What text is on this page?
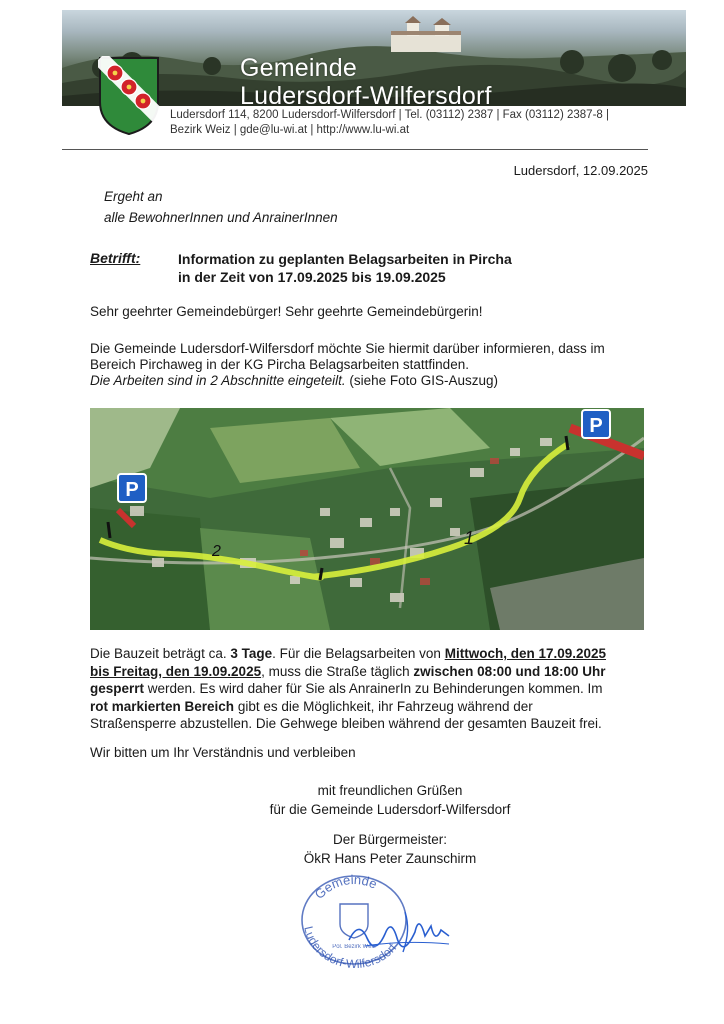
Gemeinde
Ludersdorf-Wilfersdorf
Ludersdorf 114, 8200 Ludersdorf-Wilfersdorf | Tel. (03112) 2387 | Fax (03112) 2387-8 |
Bezirk Weiz | gde@lu-wi.at | http://www.lu-wi.at
Ludersdorf, 12.09.2025
Ergeht an
alle BewohnerInnen und AnrainerInnen
Betrifft:	Information zu geplanten Belagsarbeiten in Pircha
in der Zeit von 17.09.2025 bis 19.09.2025
Sehr geehrter Gemeindebürger! Sehr geehrte Gemeindebürgerin!
Die Gemeinde Ludersdorf-Wilfersdorf möchte Sie hiermit darüber informieren, dass im
Bereich Pirchaweg in der KG Pircha Belagsarbeiten stattfinden.
Die Arbeiten sind in 2 Abschnitte eingeteilt. (siehe Foto GIS-Auszug)
2
1
P
P
Die Bauzeit beträgt ca. 3 Tage. Für die Belagsarbeiten von Mittwoch, den 17.09.2025
bis Freitag, den 19.09.2025, muss die Straße täglich zwischen 08:00 und 18:00 Uhr
gesperrt werden. Es wird daher für Sie als AnrainerIn zu Behinderungen kommen. Im
rot markierten Bereich gibt es die Möglichkeit, ihr Fahrzeug während der
Straßensperre abzustellen. Die Gehwege bleiben während der gesamten Bauzeit frei.
Wir bitten um Ihr Verständnis und verbleiben
mit freundlichen Grüßen
für die Gemeinde Ludersdorf-Wilfersdorf
Der Bürgermeister:
ÖkR Hans Peter Zaunschirm
Gemeinde
Ludersdorf-Wilfersdorf
Pol. Bezirk Weiz
